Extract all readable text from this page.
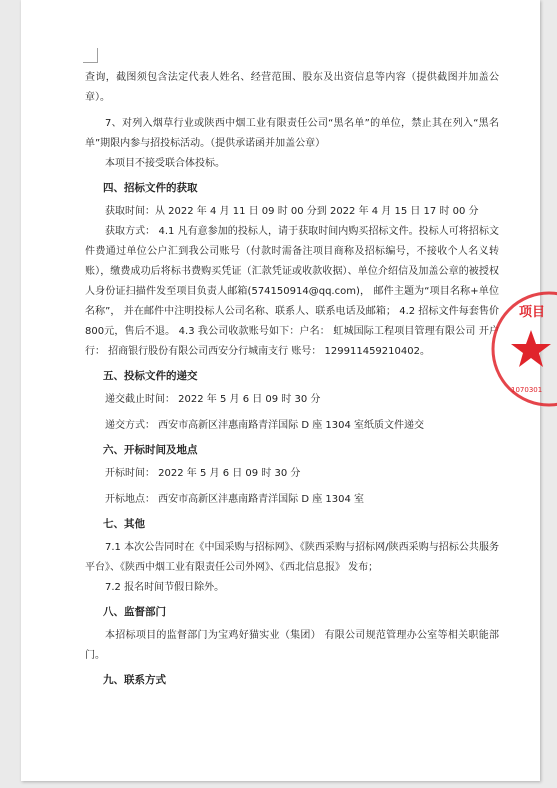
查询，截图须包含法定代表人姓名、经营范围、股东及出资信息等内容（提供截图并加盖公章）。

7、对列入烟草行业或陕西中烟工业有限责任公司“黑名单”的单位，禁止其在列入“黑名单”期限内参与招投标活动。（提供承诺函并加盖公章）

本项目不接受联合体投标。

四、招标文件的获取

获取时间：从 2022 年 4 月 11 日 09 时 00 分到 2022 年 4 月 15 日 17 时 00 分

获取方式： 4.1 凡有意参加的投标人，请于获取时间内购买招标文件。投标人可将招标文件费通过单位公户汇到我公司账号（付款时需备注项目商称及招标编号，不接收个人名义转账），缴费成功后将标书费购买凭证（汇款凭证或收款收据）、单位介绍信及加盖公章的被授权人身份证扫描件发至项目负责人邮箱(574150914@qq.com)， 邮件主题为“项目名称+单位名称”， 并在邮件中注明投标人公司名称、联系人、联系电话及邮箱； 4.2 招标文件每套售价 800元，售后不退。 4.3 我公司收款账号如下：户名： 虹城国际工程项目管理有限公司 开户行： 招商银行股份有限公司西安分行城南支行 账号： 129911459210402。

五、投标文件的递交

递交截止时间： 2022 年 5 月 6 日 09 时 30 分

递交方式： 西安市高新区沣惠南路青洋国际 D 座 1304 室纸质文件递交

六、开标时间及地点

开标时间： 2022 年 5 月 6 日 09 时 30 分

开标地点： 西安市高新区沣惠南路青洋国际 D 座 1304 室

七、其他

7.1 本次公告同时在《中国采购与招标网》、《陕西采购与招标网/陕西采购与招标公共服务平台》、《陕西中烟工业有限责任公司外网》、《西北信息报》 发布；

7.2 报名时间节假日除外。

八、监督部门

本招标项目的监督部门为宝鸡好猫实业（集团） 有限公司规范管理办公室等相关职能部门。

九、联系方式
项目
1070301
